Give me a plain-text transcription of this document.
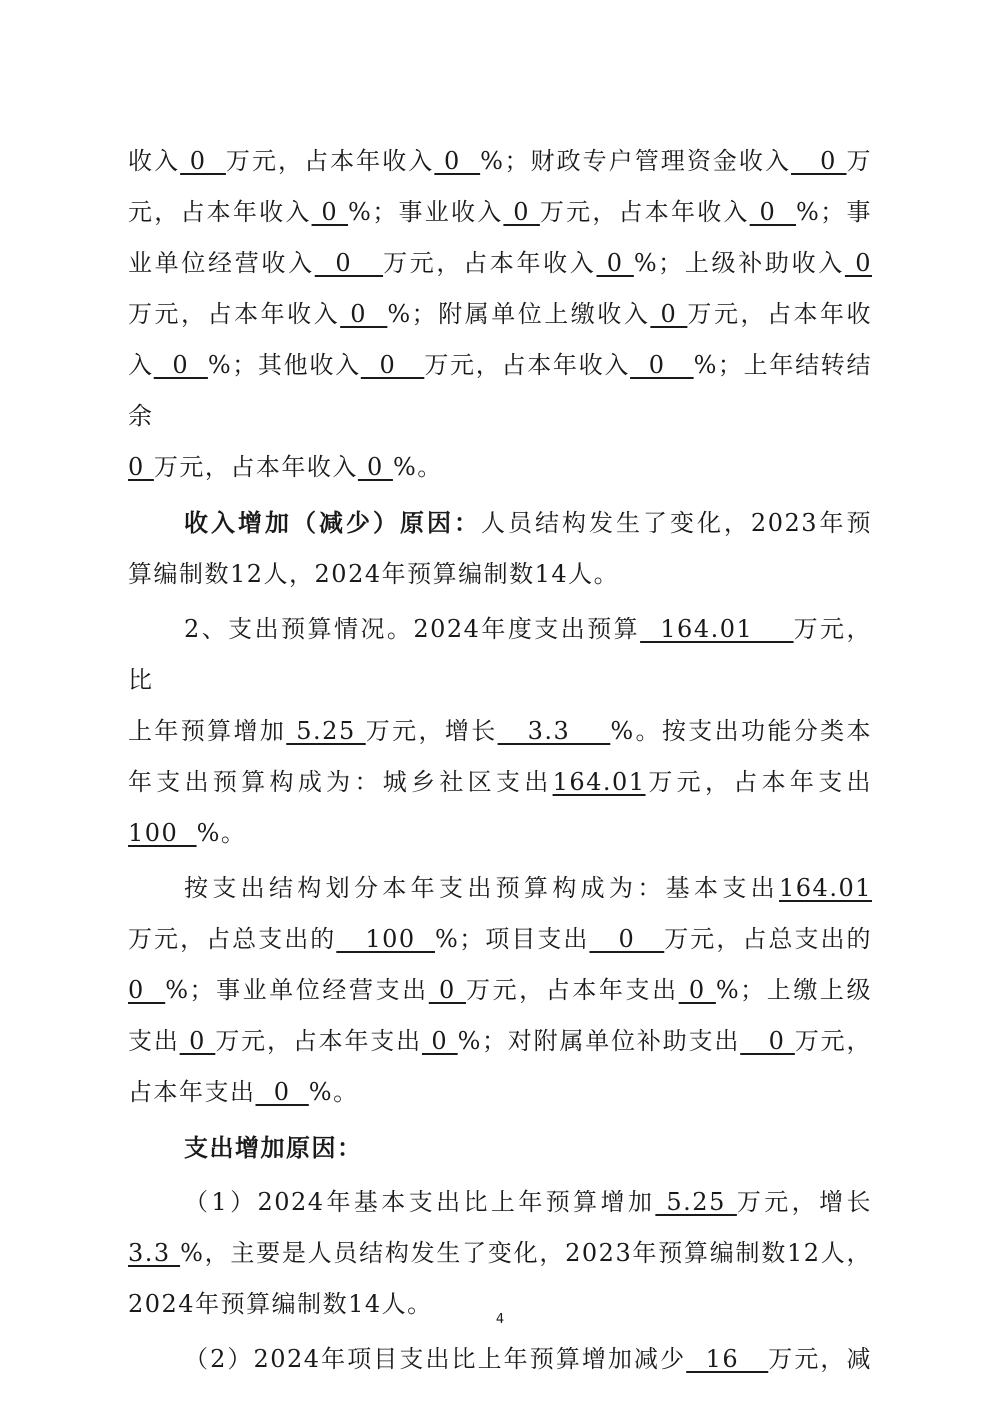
收入 0  万元，占本年收入 0  %；财政专户管理资金收入   0 万

元，占本年收入 0 %；事业收入 0 万元，占本年收入 0  %；事

业单位经营收入  0   万元，占本年收入 0 %；上级补助收入 0

万元，占本年收入 0  %；附属单位上缴收入 0 万元，占本年收

入  0  %；其他收入  0   万元，占本年收入  0   %；上年结转结余

0 万元，占本年收入 0 %。

收入增加（减少）原因：人员结构发生了变化，2023年预

算编制数12人，2024年预算编制数14人。

2、支出预算情况。2024年度支出预算  164.01    万元，比

上年预算增加 5.25 万元，增长   3.3    %。按支出功能分类本

年支出预算构成为：城乡社区支出164.01万元，占本年支出

100  %。

按支出结构划分本年支出预算构成为：基本支出164.01

万元，占总支出的   100  %；项目支出   0   万元，占总支出的

0  %；事业单位经营支出 0 万元，占本年支出 0 %；上缴上级

支出 0 万元，占本年支出 0 %；对附属单位补助支出   0 万元，

占本年支出  0  %。

支出增加原因：

（1）2024年基本支出比上年预算增加 5.25 万元，增长

3.3 %，主要是人员结构发生了变化，2023年预算编制数12人，

2024年预算编制数14人。

（2）2024年项目支出比上年预算增加减少  16   万元，减

4
